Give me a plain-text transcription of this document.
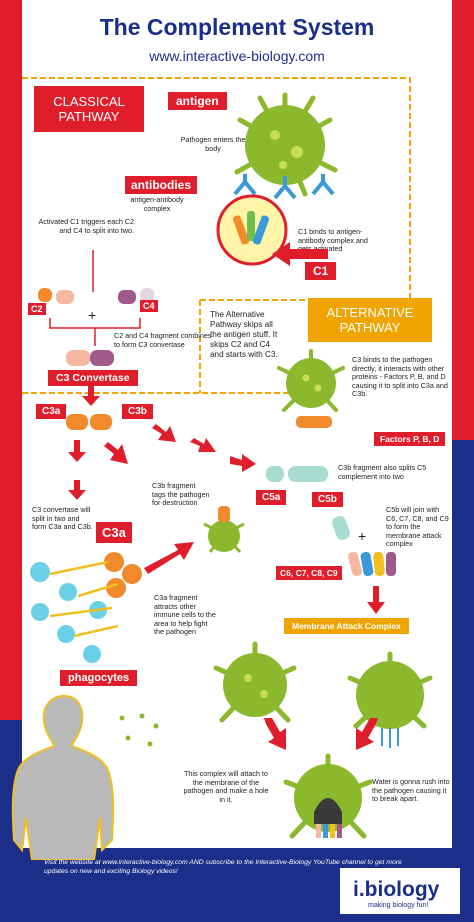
The Complement System
www.interactive-biology.com
CLASSICAL PATHWAY
antigen
Pathogen enters the body
antibodies
antigen-antibody complex
C1 binds to antigen-antibody complex and gets activated
C1
Activated C1 triggers each C2 and C4 to split into two.
C2	C4
+
C2 and C4 fragment combines to form C3 convertase
C3 Convertase
ALTERNATIVE PATHWAY
The Alternative Pathway skips all the antigen stuff. It skips C2 and C4 and starts with C3.
C3 binds to the pathogen directly, it interacts with other proteins - Factors P, B, and D causing it to split into C3a and C3b.
Factors P, B, D
C3a	C3b
C3 convertase will split in two and form C3a and C3b.
C3b fragment tags the pathogen for destruction
C3b fragment also splits C5 complement into two
C5a	C5b
+
C5b will join with C6, C7, C8, and C9 to form the membrane attack complex
C6, C7, C8, C9
Membrane Attack Complex
C3a
C3a fragment attracts other immune cells to the area to help fight the pathogen
phagocytes
Water is gonna rush into the pathogen causing it to break apart.
This complex will attach to the membrane of the pathogen and make a hole in it.
Visit the website at www.interactive-biology.com AND subscribe to the Interactive-Biology YouTube channel to get more updates on new and exciting Biology videos!
i.biology
making biology fun!
